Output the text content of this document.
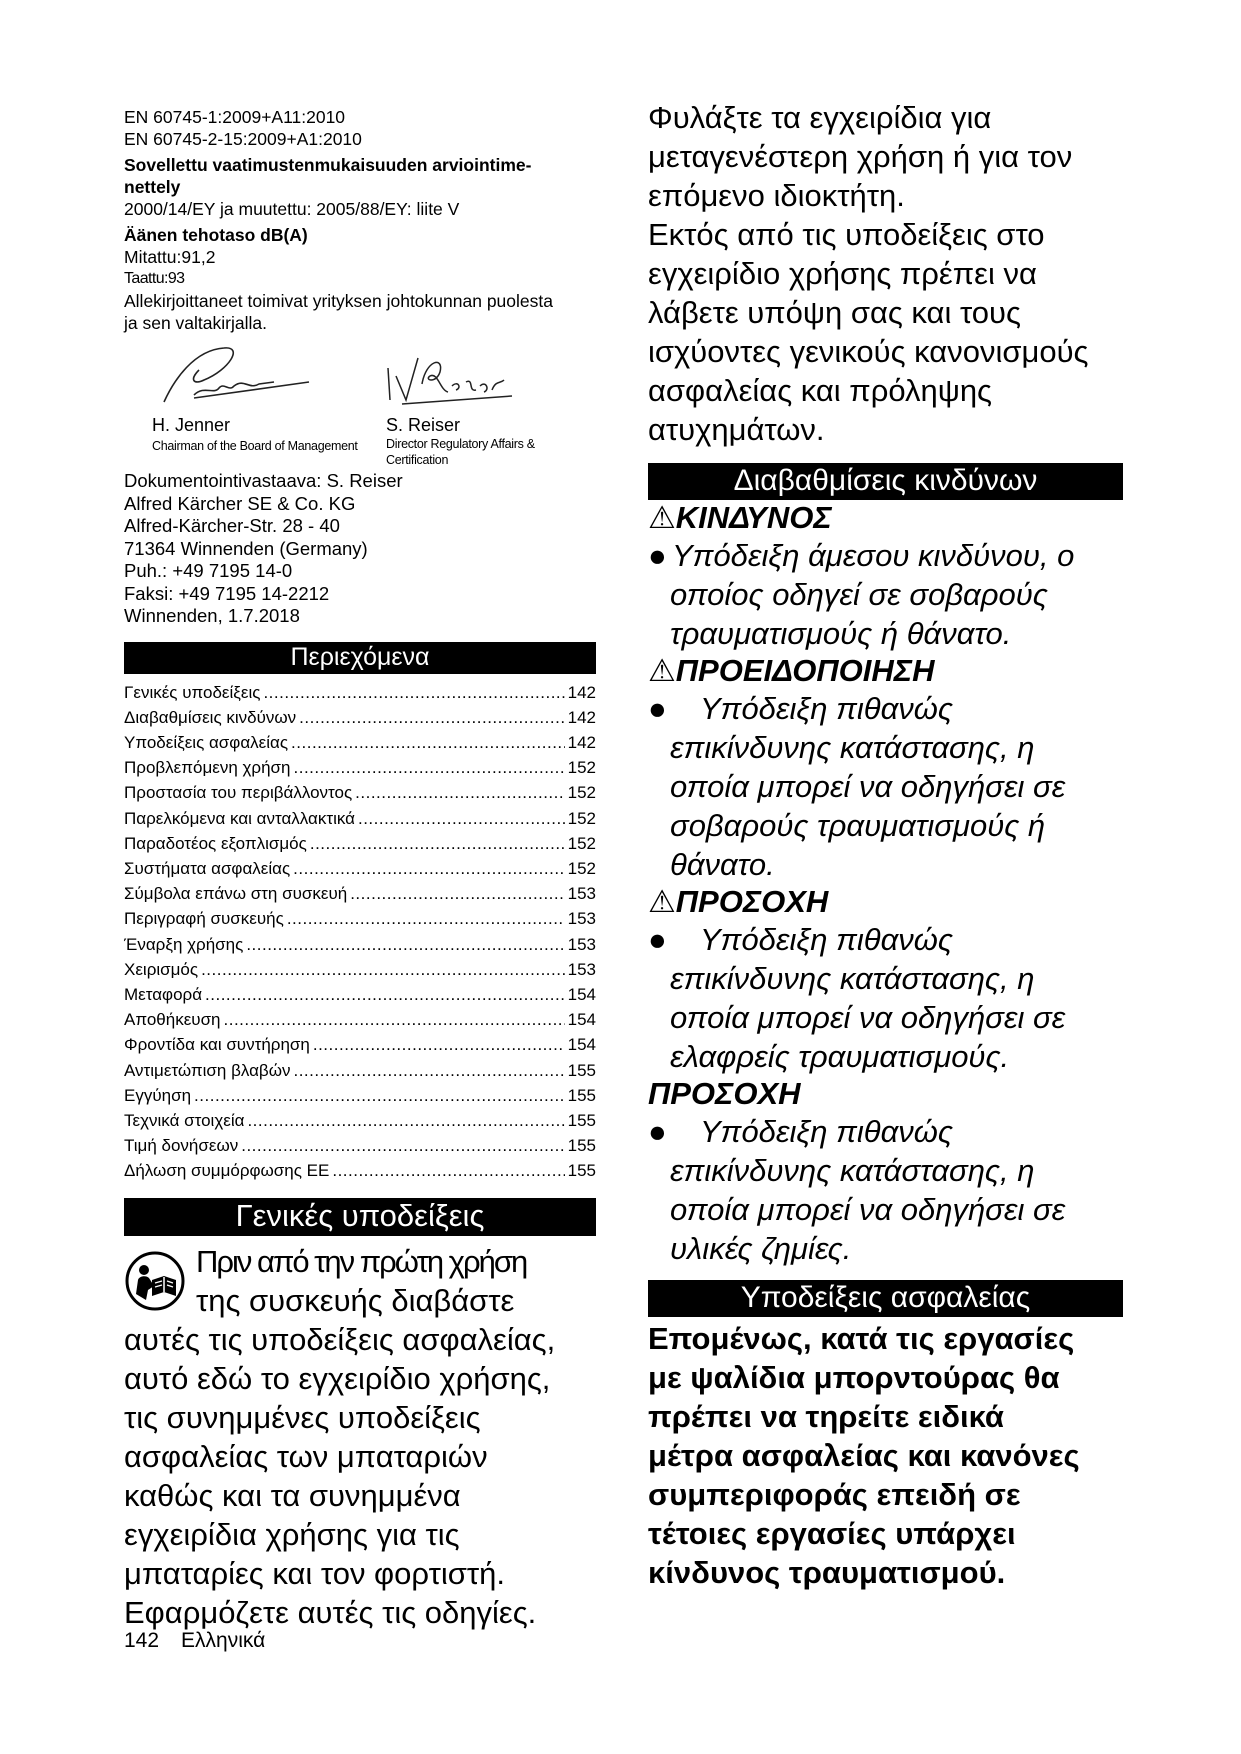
EN 60745-1:2009+A11:2010
EN 60745-2-15:2009+A1:2010
Sovellettu vaatimustenmukaisuuden arviointime-
nettely
2000/14/EY ja muutettu: 2005/88/EY: liite V
Äänen tehotaso dB(A)
Mitattu:91,2
Taattu:93
Allekirjoittaneet toimivat yrityksen johtokunnan puolesta
ja sen valtakirjalla.
H. Jenner
Chairman of the Board of Management
S. Reiser
Director Regulatory Affairs & Certification
Dokumentointivastaava: S. Reiser
Alfred Kärcher SE & Co. KG
Alfred-Kärcher-Str. 28 - 40
71364 Winnenden (Germany)
Puh.: +49 7195 14-0
Faksi: +49 7195 14-2212
Winnenden, 1.7.2018
Περιεχόμενα
Γενικές υποδείξεις .....	142
Διαβαθμίσεις κινδύνων .....	142
Υποδείξεις ασφαλείας .....	142
Προβλεπόμενη χρήση .....	152
Προστασία του περιβάλλοντος .....	152
Παρελκόμενα και ανταλλακτικά .....	152
Παραδοτέος εξοπλισμός .....	152
Συστήματα ασφαλείας .....	152
Σύμβολα επάνω στη συσκευή .....	153
Περιγραφή συσκευής .....	153
Έναρξη χρήσης .....	153
Χειρισμός .....	153
Μεταφορά .....	154
Αποθήκευση .....	154
Φροντίδα και συντήρηση .....	154
Αντιμετώπιση βλαβών .....	155
Εγγύηση .....	155
Τεχνικά στοιχεία .....	155
Τιμή δονήσεων .....	155
Δήλωση συμμόρφωσης ΕΕ .....	155
Γενικές υποδείξεις
Πριν από την πρώτη χρήση
της συσκευής διαβάστε
αυτές τις υποδείξεις ασφαλείας,
αυτό εδώ το εγχειρίδιο χρήσης,
τις συνημμένες υποδείξεις
ασφαλείας των μπαταριών
καθώς και τα συνημμένα
εγχειρίδια χρήσης για τις
μπαταρίες και τον φορτιστή.
Εφαρμόζετε αυτές τις οδηγίες.
Φυλάξτε τα εγχειρίδια για
μεταγενέστερη χρήση ή για τον
επόμενο ιδιοκτήτη.
Εκτός από τις υποδείξεις στο
εγχειρίδιο χρήσης πρέπει να
λάβετε υπόψη σας και τους
ισχύοντες γενικούς κανονισμούς
ασφαλείας και πρόληψης
ατυχημάτων.
Διαβαθμίσεις κινδύνων
⚠ΚΙΝΔΥΝΟΣ
● Υπόδειξη άμεσου κινδύνου, ο
οποίος οδηγεί σε σοβαρούς
τραυματισμούς ή θάνατο.
⚠ΠΡΟΕΙΔΟΠΟΙΗΣΗ
●	Υπόδειξη πιθανώς
επικίνδυνης κατάστασης, η
οποία μπορεί να οδηγήσει σε
σοβαρούς τραυματισμούς ή
θάνατο.
⚠ΠΡΟΣΟΧΗ
●	Υπόδειξη πιθανώς
επικίνδυνης κατάστασης, η
οποία μπορεί να οδηγήσει σε
ελαφρείς τραυματισμούς.
ΠΡΟΣΟΧΗ
●	Υπόδειξη πιθανώς
επικίνδυνης κατάστασης, η
οποία μπορεί να οδηγήσει σε
υλικές ζημίες.
Υποδείξεις ασφαλείας
Επομένως, κατά τις εργασίες
με ψαλίδια μπορντούρας θα
πρέπει να τηρείτε ειδικά
μέτρα ασφαλείας και κανόνες
συμπεριφοράς επειδή σε
τέτοιες εργασίες υπάρχει
κίνδυνος τραυματισμού.
142 Ελληνικά
